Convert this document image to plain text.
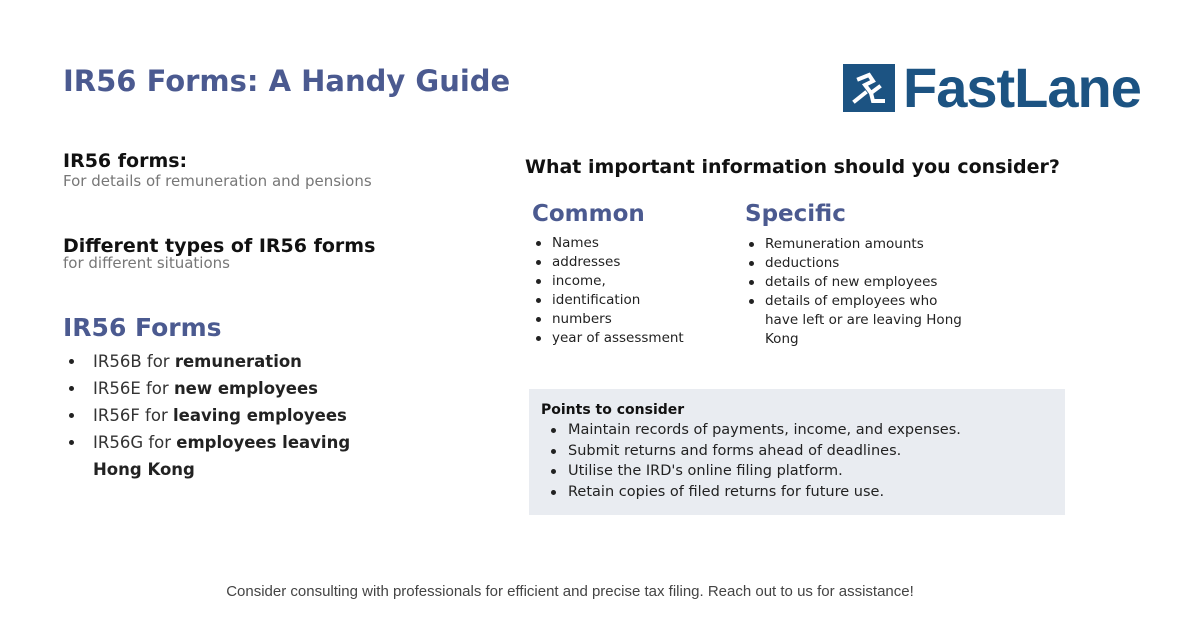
IR56 Forms: A Handy Guide	FastLane
IR56 forms:
For details of remuneration and pensions
Different types of IR56 forms
for different situations
IR56 Forms
IR56B for remuneration
IR56E for new employees
IR56F for leaving employees
IR56G for employees leaving Hong Kong
What important information should you consider?
Common
Names
addresses
income,
identification
numbers
year of assessment
Specific
Remuneration amounts
deductions
details of new employees
details of employees who have left or are leaving Hong Kong
Points to consider
Maintain records of payments, income, and expenses.
Submit returns and forms ahead of deadlines.
Utilise the IRD's online filing platform.
Retain copies of filed returns for future use.
Consider consulting with professionals for efficient and precise tax filing. Reach out to us for assistance!
